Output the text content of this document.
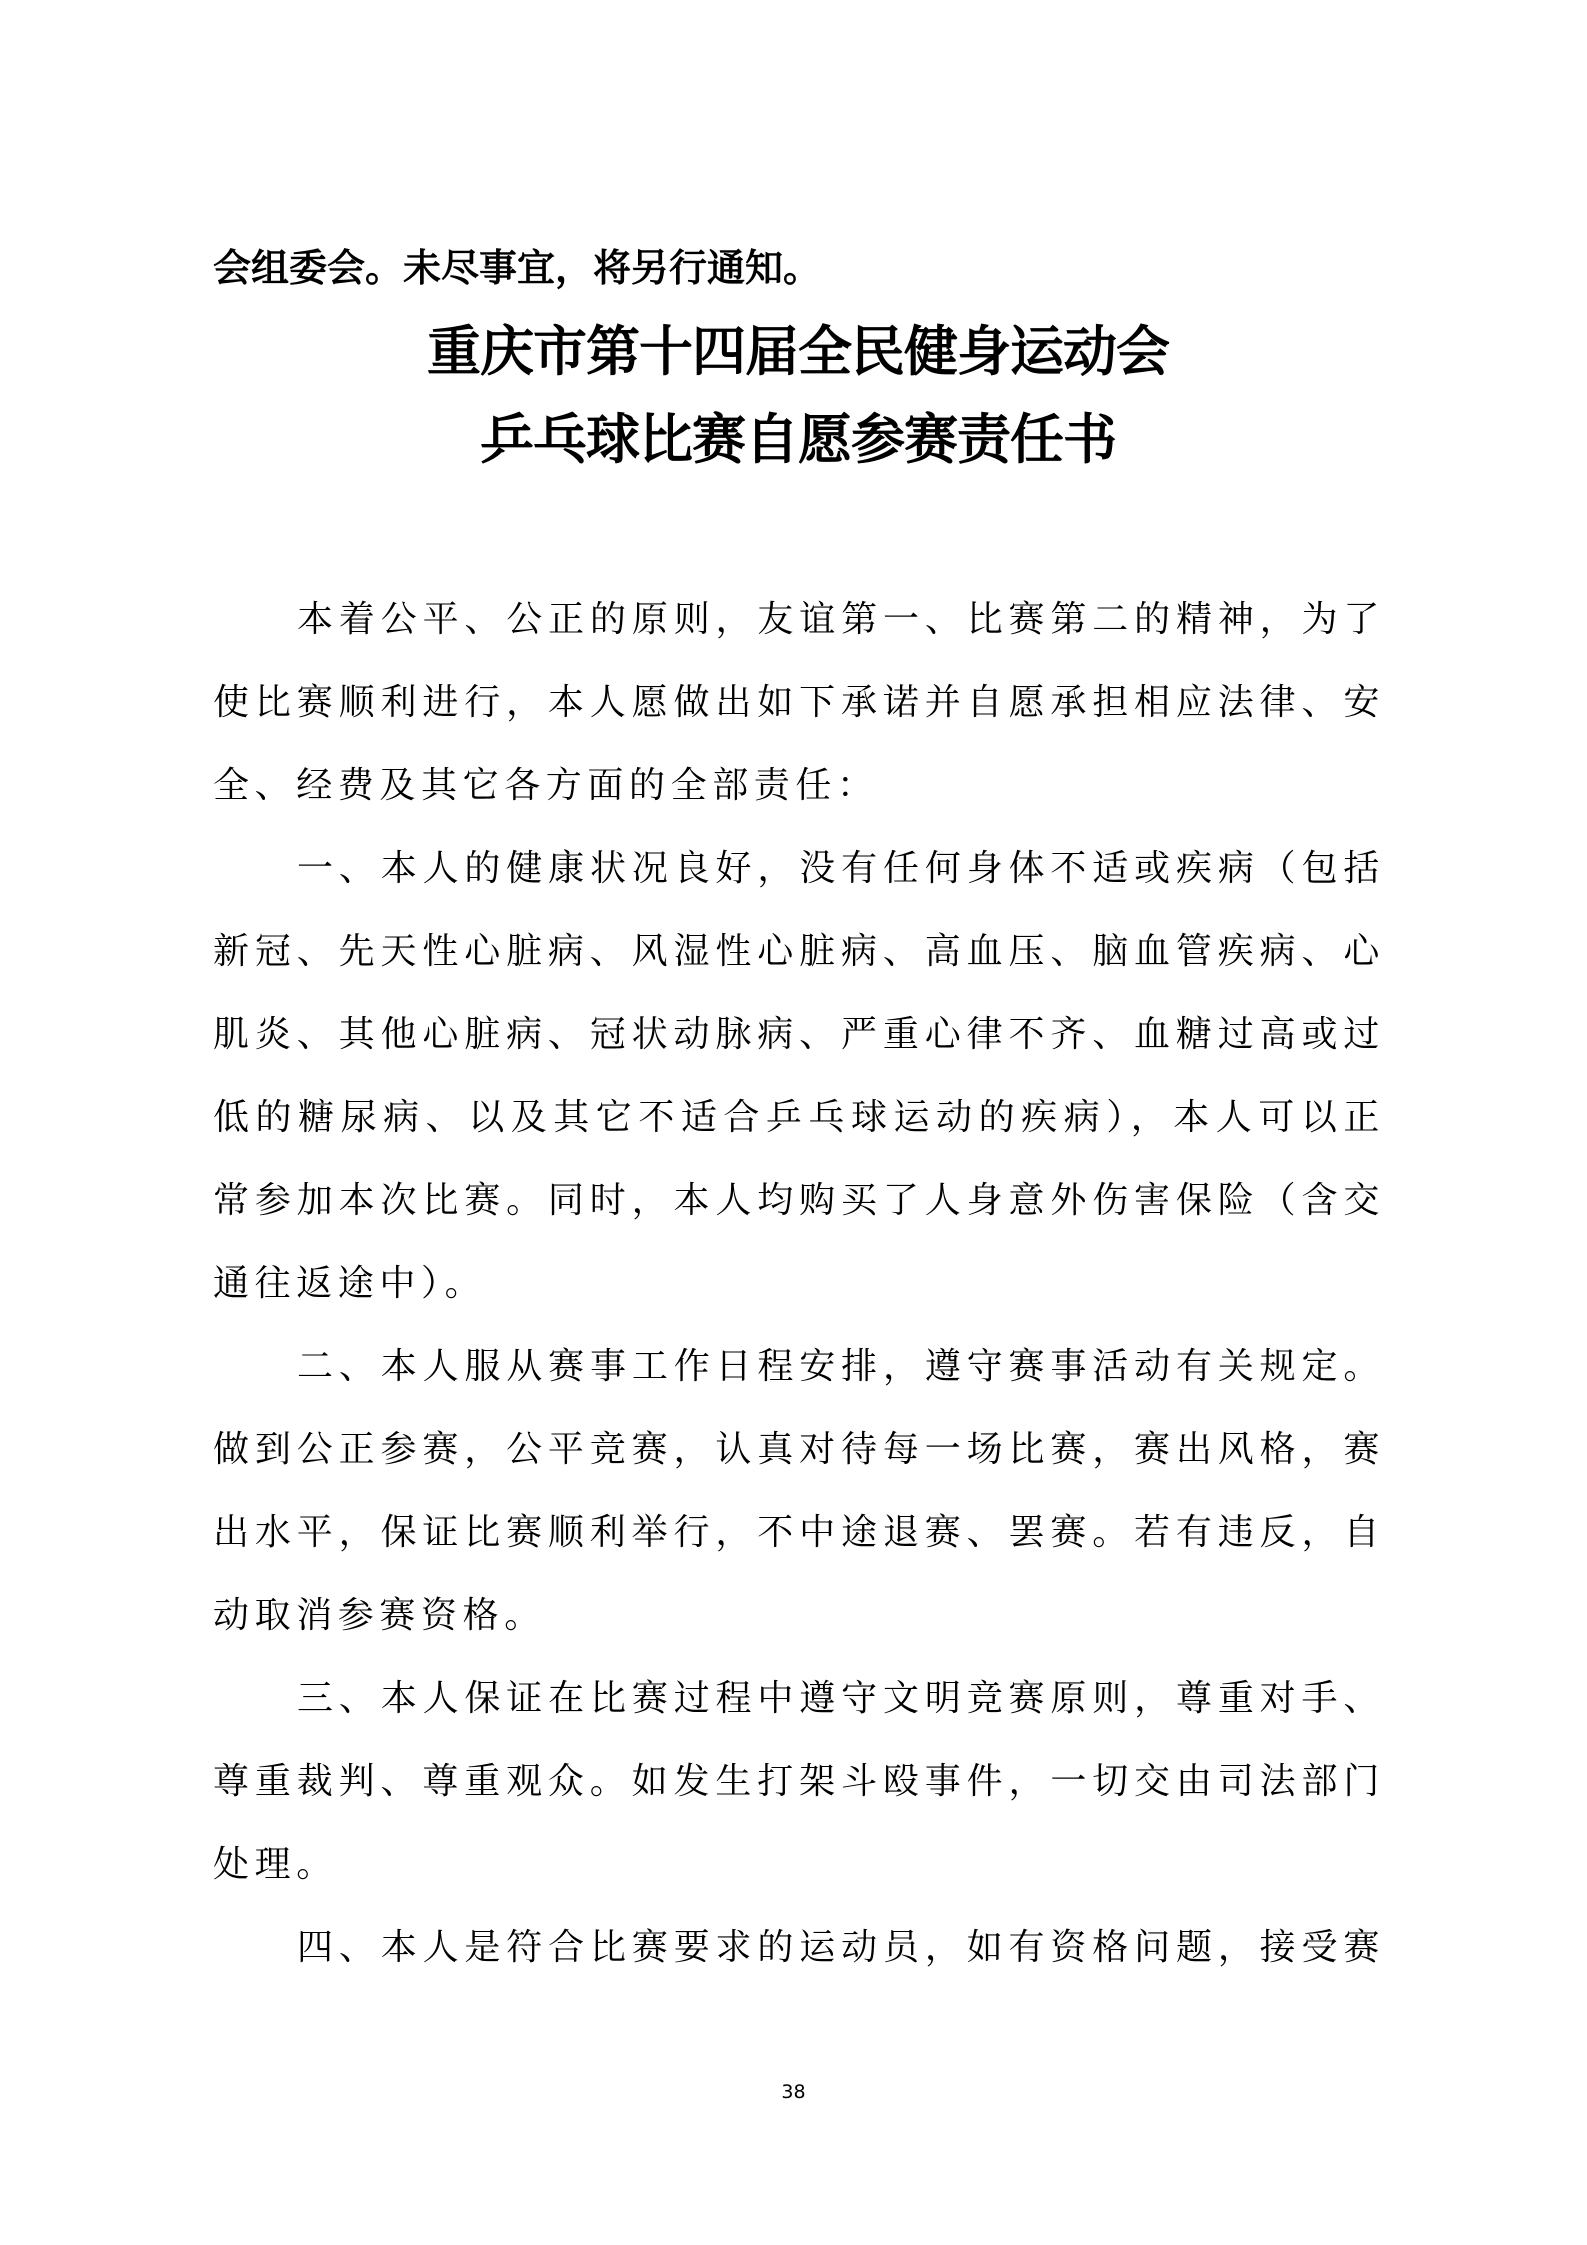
会组委会。未尽事宜，将另行通知。
重庆市第十四届全民健身运动会
乒乓球比赛自愿参赛责任书
本着公平、公正的原则，友谊第一、比赛第二的精神，为了
使比赛顺利进行，本人愿做出如下承诺并自愿承担相应法律、安
全、经费及其它各方面的全部责任：
一、本人的健康状况良好，没有任何身体不适或疾病（包括
新冠、先天性心脏病、风湿性心脏病、高血压、脑血管疾病、心
肌炎、其他心脏病、冠状动脉病、严重心律不齐、血糖过高或过
低的糖尿病、以及其它不适合乒乓球运动的疾病），本人可以正
常参加本次比赛。同时，本人均购买了人身意外伤害保险（含交
通往返途中）。
二、本人服从赛事工作日程安排，遵守赛事活动有关规定。
做到公正参赛，公平竞赛，认真对待每一场比赛，赛出风格，赛
出水平，保证比赛顺利举行，不中途退赛、罢赛。若有违反，自
动取消参赛资格。
三、本人保证在比赛过程中遵守文明竞赛原则，尊重对手、
尊重裁判、尊重观众。如发生打架斗殴事件，一切交由司法部门
处理。
四、本人是符合比赛要求的运动员，如有资格问题，接受赛
38
